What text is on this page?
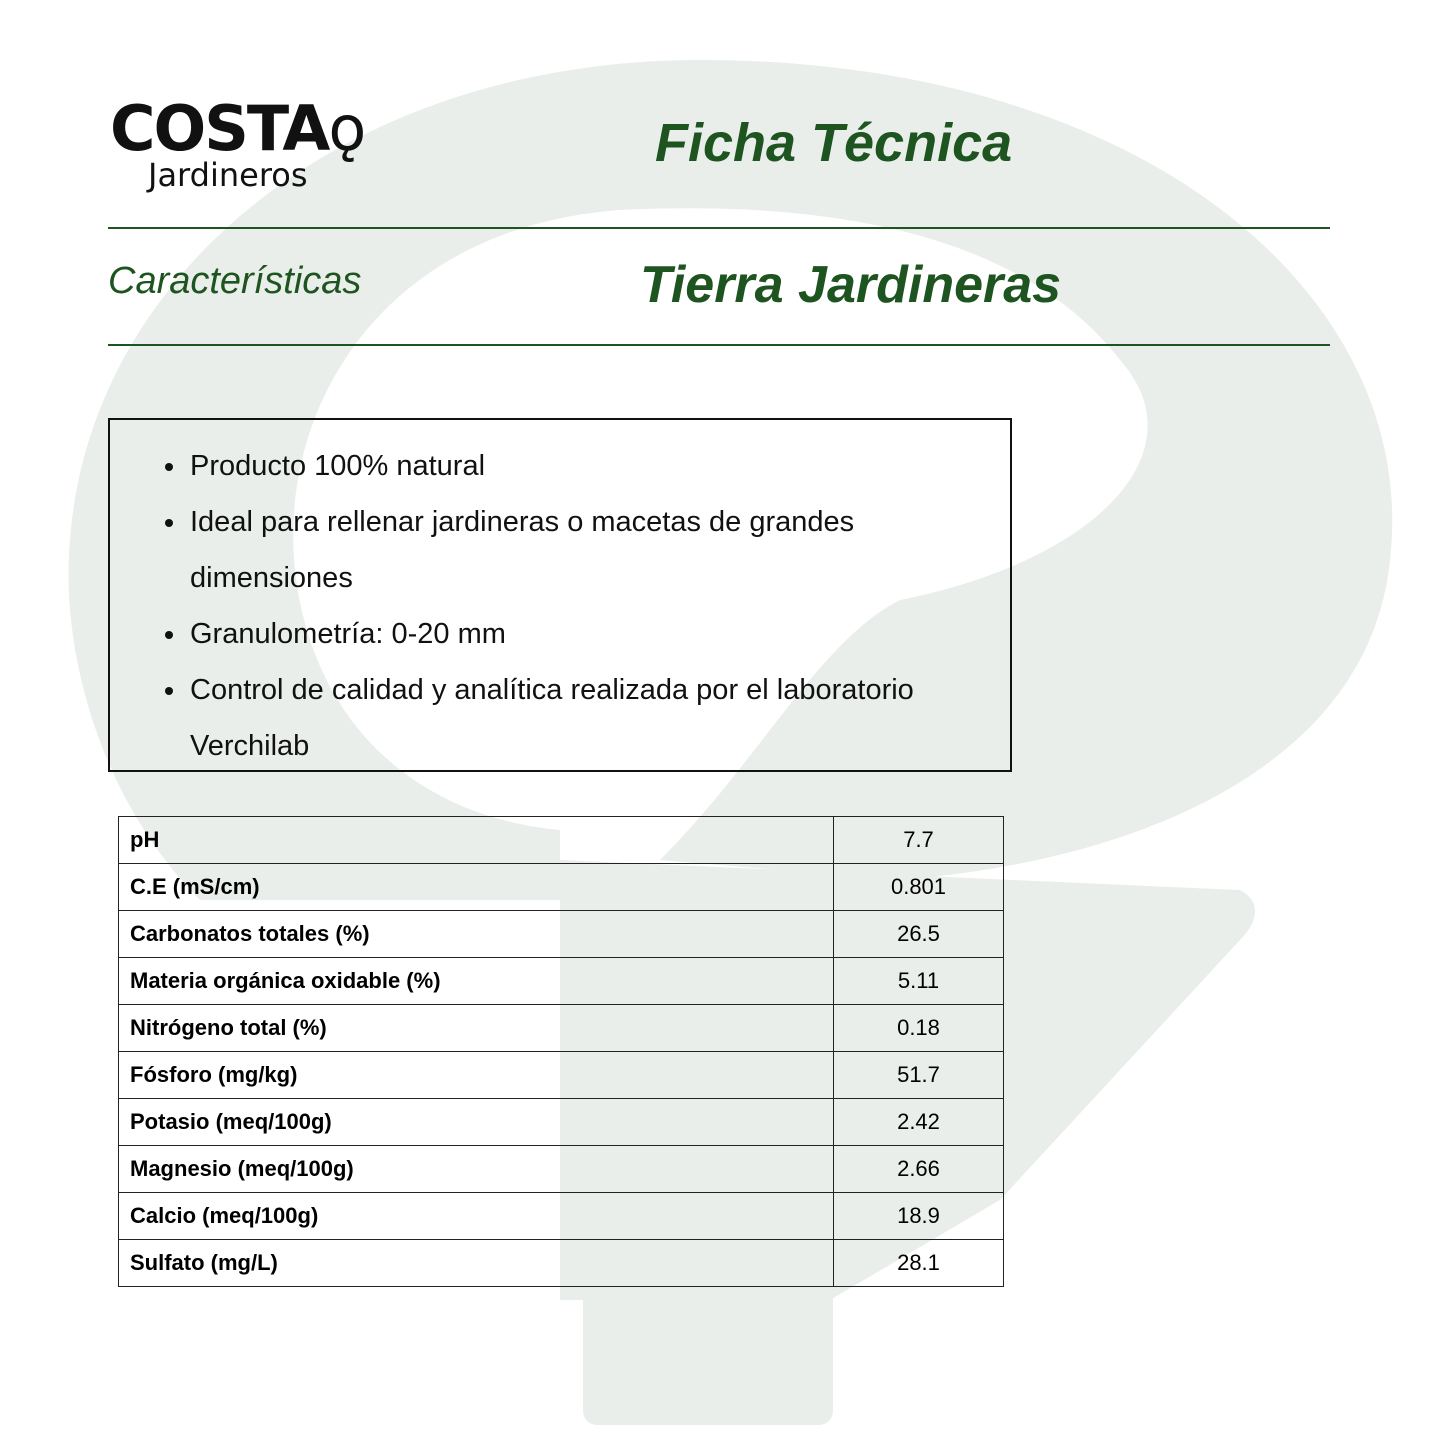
COSTAǫ
Jardineros
Ficha Técnica
Características	Tierra Jardineras
• Producto 100% natural
• Ideal para rellenar jardineras o macetas de grandes dimensiones
• Granulometría: 0-20 mm
• Control de calidad y analítica realizada por el laboratorio Verchilab
pH	7.7
C.E (mS/cm)	0.801
Carbonatos totales (%)	26.5
Materia orgánica oxidable (%)	5.11
Nitrógeno total (%)	0.18
Fósforo (mg/kg)	51.7
Potasio (meq/100g)	2.42
Magnesio (meq/100g)	2.66
Calcio (meq/100g)	18.9
Sulfato (mg/L)	28.1
